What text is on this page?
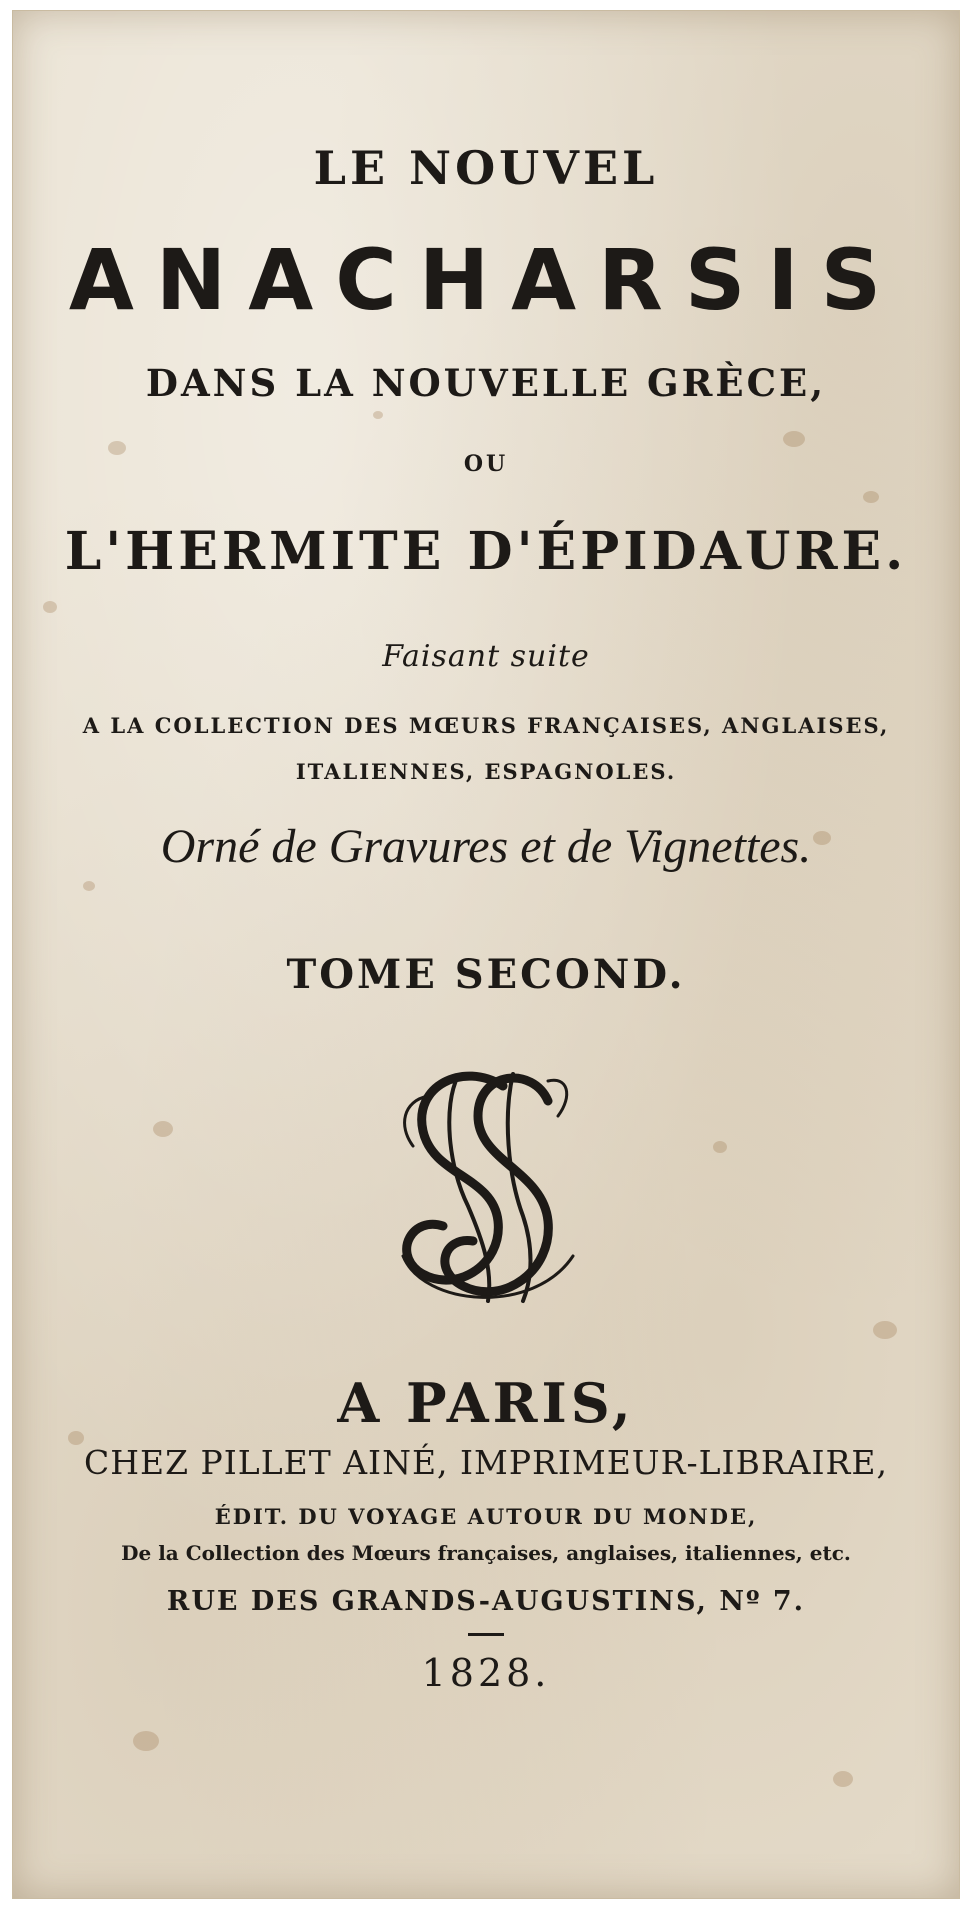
LE NOUVEL
ANACHARSIS
DANS LA NOUVELLE GRÈCE,
OU
L'HERMITE D'ÉPIDAURE.
Faisant suite
A LA COLLECTION DES MŒURS FRANÇAISES, ANGLAISES,
ITALIENNES, ESPAGNOLES.
Orné de Gravures et de Vignettes.
TOME SECOND.
A PARIS,
CHEZ PILLET AINÉ, IMPRIMEUR-LIBRAIRE,
ÉDIT. DU VOYAGE AUTOUR DU MONDE,
De la Collection des Mœurs françaises, anglaises, italiennes, etc.
RUE DES GRANDS-AUGUSTINS, Nº 7.
1828.
